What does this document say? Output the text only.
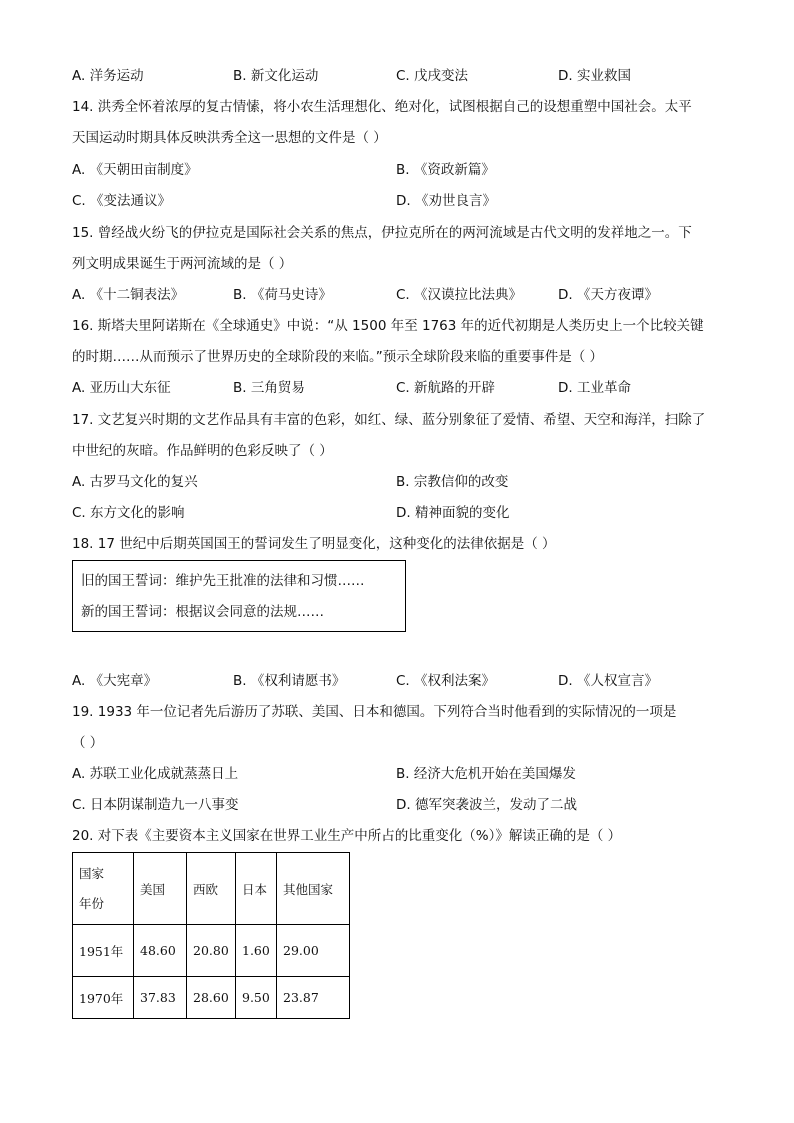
A. 洋务运动	B. 新文化运动	C. 戊戌变法	D. 实业救国
14. 洪秀全怀着浓厚的复古情愫，将小农生活理想化、绝对化，试图根据自己的设想重塑中国社会。太平
天国运动时期具体反映洪秀全这一思想的文件是（ ）
A. 《天朝田亩制度》	B. 《资政新篇》
C. 《变法通议》	D. 《劝世良言》
15. 曾经战火纷飞的伊拉克是国际社会关系的焦点，伊拉克所在的两河流域是古代文明的发祥地之一。下
列文明成果诞生于两河流域的是（ ）
A. 《十二铜表法》	B. 《荷马史诗》	C. 《汉谟拉比法典》	D. 《天方夜谭》
16. 斯塔夫里阿诺斯在《全球通史》中说：“从 1500 年至 1763 年的近代初期是人类历史上一个比较关键
的时期……从而预示了世界历史的全球阶段的来临。”预示全球阶段来临的重要事件是（ ）
A. 亚历山大东征	B. 三角贸易	C. 新航路的开辟	D. 工业革命
17. 文艺复兴时期的文艺作品具有丰富的色彩，如红、绿、蓝分别象征了爱情、希望、天空和海洋，扫除了
中世纪的灰暗。作品鲜明的色彩反映了（ ）
A. 古罗马文化的复兴	B. 宗教信仰的改变
C. 东方文化的影响	D. 精神面貌的变化
18. 17 世纪中后期英国国王的誓词发生了明显变化，这种变化的法律依据是（ ）
旧的国王誓词：维护先王批准的法律和习惯……
新的国王誓词：根据议会同意的法规……
A. 《大宪章》	B. 《权利请愿书》	C. 《权利法案》	D. 《人权宣言》
19. 1933 年一位记者先后游历了苏联、美国、日本和德国。下列符合当时他看到的实际情况的一项是
（ ）
A. 苏联工业化成就蒸蒸日上	B. 经济大危机开始在美国爆发
C. 日本阴谋制造九一八事变	D. 德军突袭波兰，发动了二战
20. 对下表《主要资本主义国家在世界工业生产中所占的比重变化（%）》解读正确的是（ ）
国家
年份	美国	西欧	日本	其他国家
1951年	48.60	20.80	1.60	29.00
1970年	37.83	28.60	9.50	23.87
